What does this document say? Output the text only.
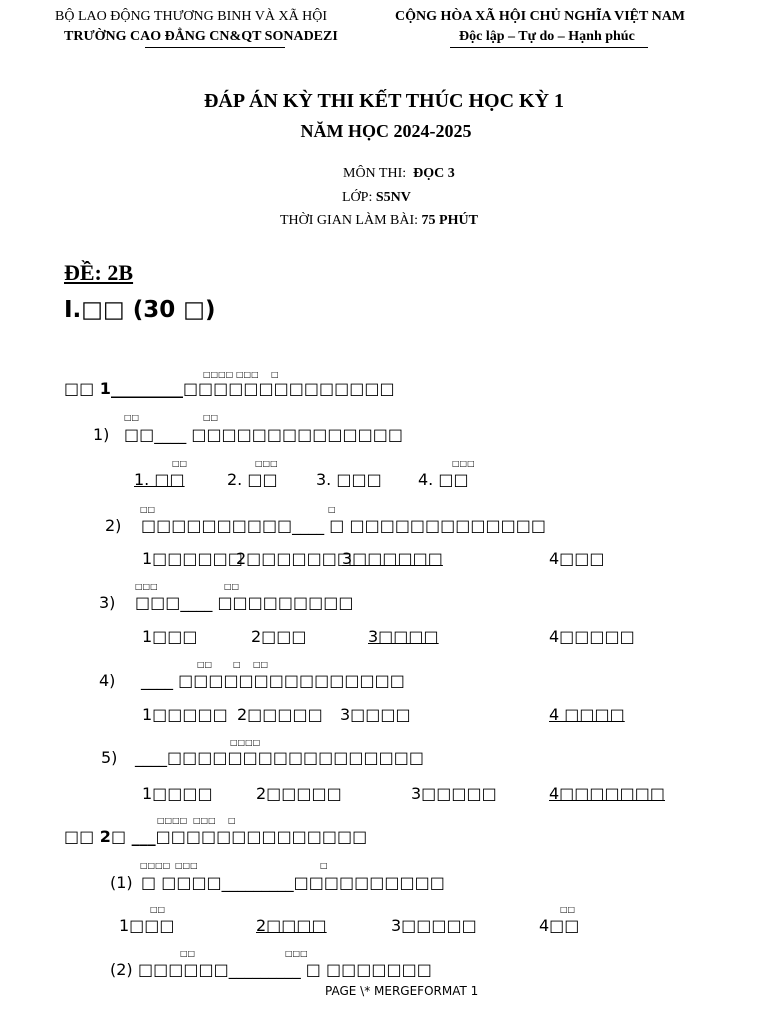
BỘ LAO ĐỘNG THƯƠNG BINH VÀ XÃ HỘI
TRƯỜNG CAO ĐẲNG CN&QT SONADEZI
CỘNG HÒA XÃ HỘI CHỦ NGHĨA VIỆT NAM
Độc lập – Tự do – Hạnh phúc
ĐÁP ÁN KỲ THI KẾT THÚC HỌC KỲ 1
NĂM HỌC 2024-2025
MÔN THI: ĐỌC 3
LỚP: S5NV
THỜI GIAN LÀM BÀI: 75 PHÚT
ĐỀ: 2B
I.□□ (30 □)
□□□□ □□□ □
□□ 1_________□□□□□□□□□□□□□□
□□	□□
1) □□____ □□□□□□□□□□□□□□
□□	□□□	□□□
1. □□	2. □□ 3. □□□ 4. □□
□□	□
2) □□□□□□□□□□____ □ □□□□□□□□□□□□□
1□□□□□□
2□□□□□□□
3□□□□□□	4□□□
□□□	□□
3) □□□____ □□□□□□□□□
1□□□	2□□□	3□□□□	4□□□□□
□□	□ □□
4) ____ □□□□□□□□□□□□□□□
1□□□□□ 2□□□□□ 3□□□□	4 □□□□
□□□□
5) ____□□□□□□□□□□□□□□□□□
1□□□□	2□□□□□	3□□□□□	4□□□□□□□
□□□□ □□□ □
□□ 2□ ___□□□□□□□□□□□□□□
□□□□ □□□	□
(1) □ □□□□_________□□□□□□□□□□
□□	□□
1□□□	2□□□□	3□□□□□	4□□
□□	□□□
(2) □□□□□□_________ □ □□□□□□□
PAGE \* MERGEFORMAT 1
